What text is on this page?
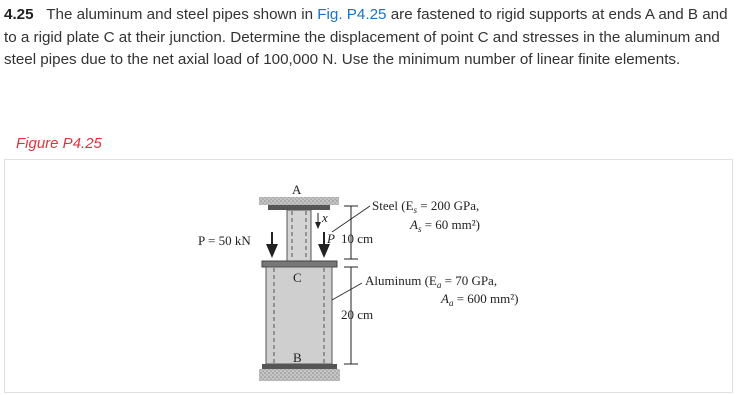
4.25 The aluminum and steel pipes shown in Fig. P4.25 are fastened to rigid supports at ends A and B and to a rigid plate C at their junction. Determine the displacement of point C and stresses in the aluminum and steel pipes due to the net axial load of 100,000 N. Use the minimum number of linear finite elements.
Figure P4.25
A
C
B
x
P
P = 50 kN	10 cm
20 cm
Steel ($E_s = 200$ GPa,
$A_s = 60$ mm²)
Aluminum ($E_a = 70$ GPa,
$A_a = 600$ mm²)
